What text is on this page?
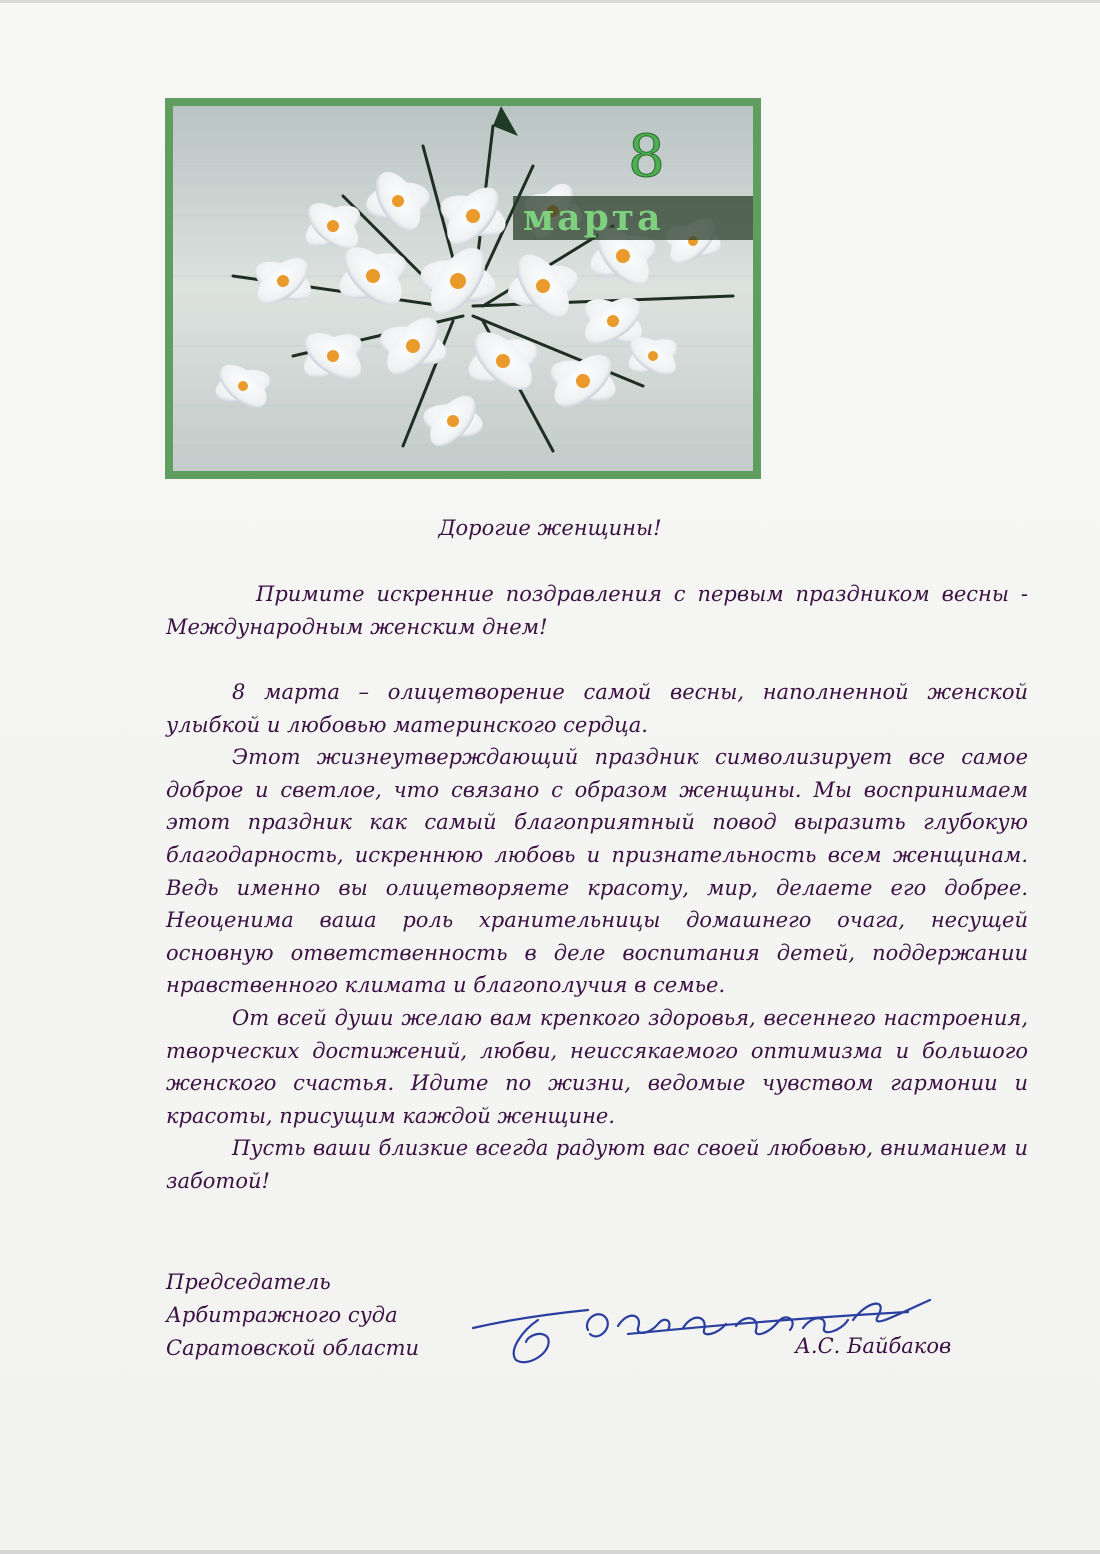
8
марта
Дорогие женщины!

Примите искренние поздравления с первым праздником весны - Международным женским днем!

8 марта – олицетворение самой весны, наполненной женской улыбкой и любовью материнского сердца.

Этот жизнеутверждающий праздник символизирует все самое доброе и светлое, что связано с образом женщины. Мы воспринимаем этот праздник как самый благоприятный повод выразить глубокую благодарность, искреннюю любовь и признательность всем женщинам. Ведь именно вы олицетворяете красоту, мир, делаете его добрее. Неоценима ваша роль хранительницы домашнего очага, несущей основную ответственность в деле воспитания детей, поддержании нравственного климата и благополучия в семье.

От всей души желаю вам крепкого здоровья, весеннего настроения, творческих достижений, любви, неиссякаемого оптимизма и большого женского счастья. Идите по жизни, ведомые чувством гармонии и красоты, присущим каждой женщине.

Пусть ваши близкие всегда радуют вас своей любовью, вниманием и заботой!

Председатель
Арбитражного суда
Саратовской области	А.С. Байбаков
